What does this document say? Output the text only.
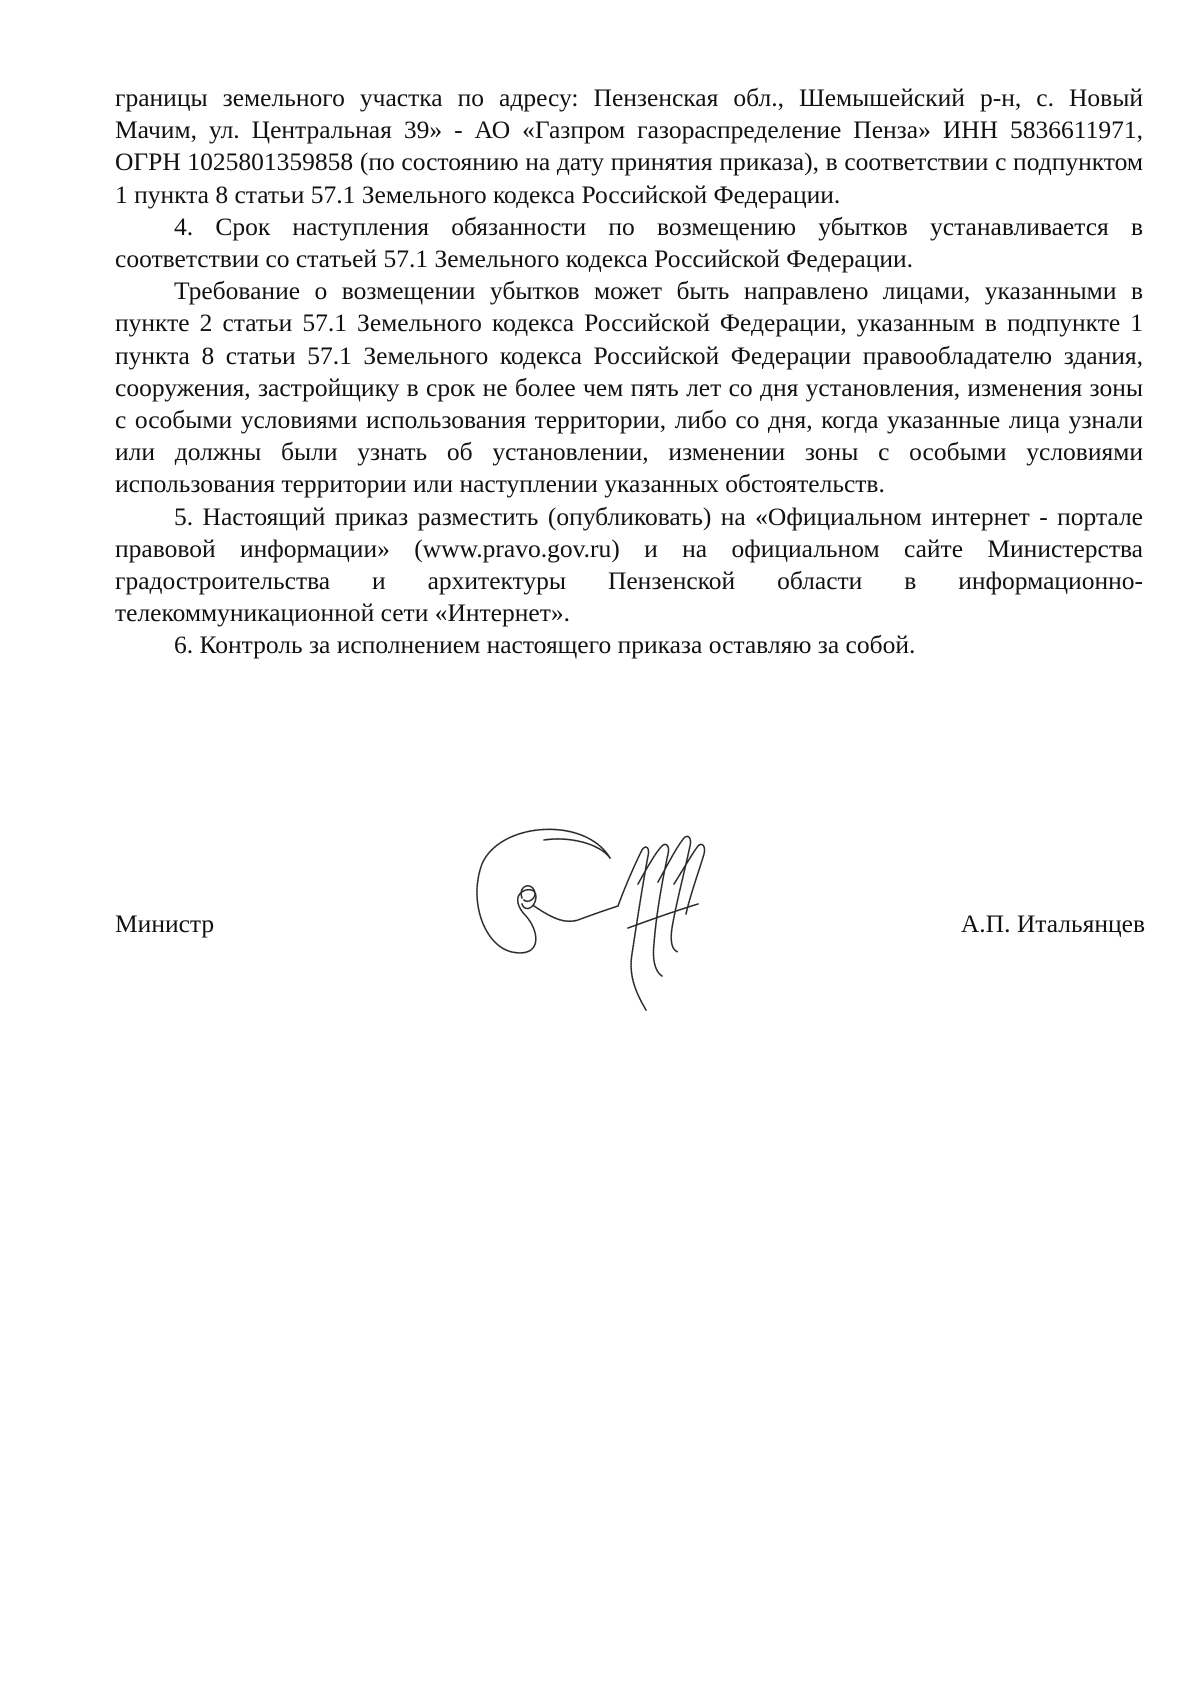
границы земельного участка по адресу: Пензенская обл., Шемышейский р-н, с. Новый Мачим, ул. Центральная 39» - АО «Газпром газораспределение Пенза» ИНН 5836611971, ОГРН 1025801359858 (по состоянию на дату принятия приказа), в соответствии с подпунктом 1 пункта 8 статьи 57.1 Земельного кодекса Российской Федерации.

4. Срок наступления обязанности по возмещению убытков устанавливается в соответствии со статьей 57.1 Земельного кодекса Российской Федерации.

Требование о возмещении убытков может быть направлено лицами, указанными в пункте 2 статьи 57.1 Земельного кодекса Российской Федерации, указанным в подпункте 1 пункта 8 статьи 57.1 Земельного кодекса Российской Федерации правообладателю здания, сооружения, застройщику в срок не более чем пять лет со дня установления, изменения зоны с особыми условиями использования территории, либо со дня, когда указанные лица узнали или должны были узнать об установлении, изменении зоны с особыми условиями использования территории или наступлении указанных обстоятельств.

5. Настоящий приказ разместить (опубликовать) на «Официальном интернет - портале правовой информации» (www.pravo.gov.ru) и на официальном сайте Министерства градостроительства и архитектуры Пензенской области в информационно-телекоммуникационной сети «Интернет».

6. Контроль за исполнением настоящего приказа оставляю за собой.

Министр	А.П. Итальянцев
